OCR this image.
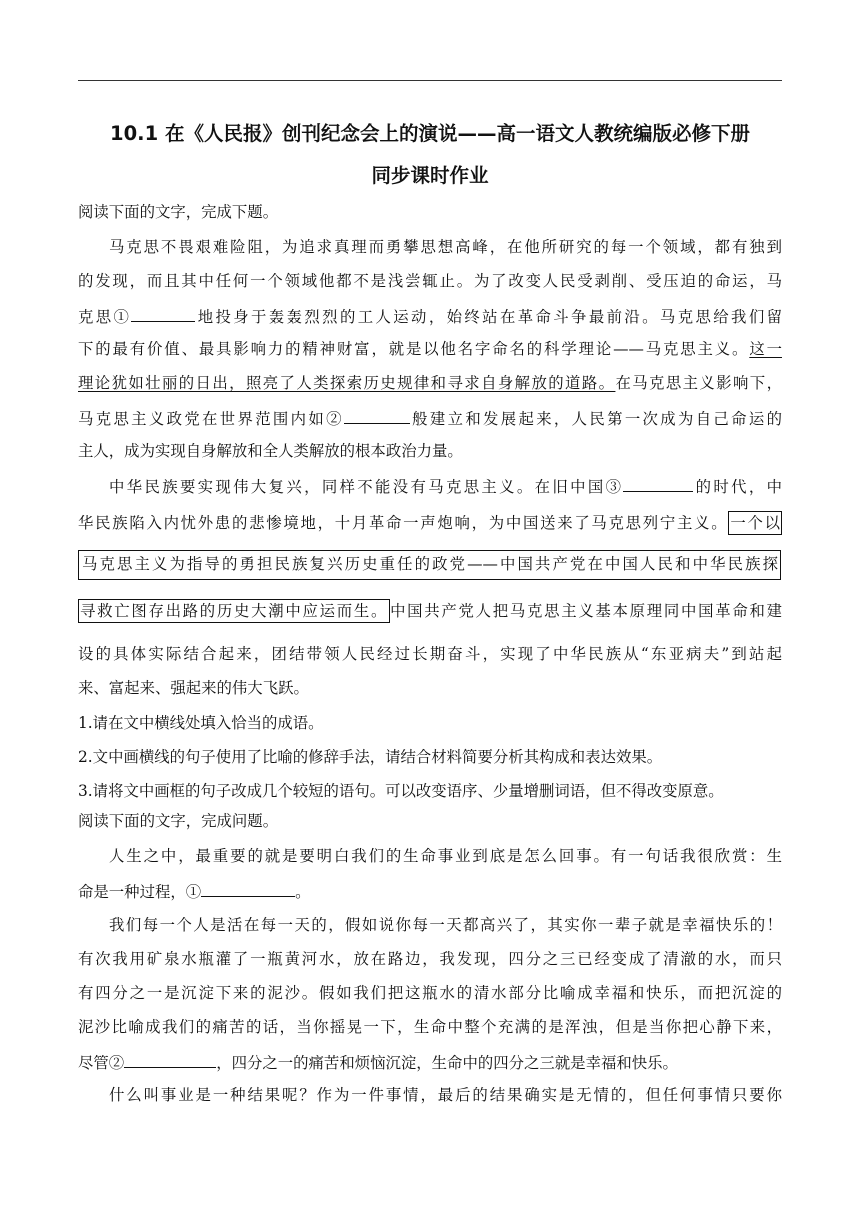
10.1 在《人民报》创刊纪念会上的演说——高一语文人教统编版必修下册
同步课时作业
阅读下面的文字，完成下题。
马克思不畏艰难险阻，为追求真理而勇攀思想高峰，在他所研究的每一个领域，都有独到
的发现，而且其中任何一个领域他都不是浅尝辄止。为了改变人民受剥削、受压迫的命运，马
克思①	地投身于轰轰烈烈的工人运动，始终站在革命斗争最前沿。马克思给我们留
下的最有价值、最具影响力的精神财富，就是以他名字命名的科学理论——马克思主义。这一
理论犹如壮丽的日出，照亮了人类探索历史规律和寻求自身解放的道路。在马克思主义影响下，
马克思主义政党在世界范围内如②	般建立和发展起来，人民第一次成为自己命运的
主人，成为实现自身解放和全人类解放的根本政治力量。
中华民族要实现伟大复兴，同样不能没有马克思主义。在旧中国③	的时代，中
华民族陷入内忧外患的悲惨境地，十月革命一声炮响，为中国送来了马克思列宁主义。 一个以
马克思主义为指导的勇担民族复兴历史重任的政党——中国共产党在中国人民和中华民族探
寻救亡图存出路的历史大潮中应运而生。 中国共产党人把马克思主义基本原理同中国革命和建
设的具体实际结合起来，团结带领人民经过长期奋斗，实现了中华民族从“东亚病夫”到站起
来、富起来、强起来的伟大飞跃。
1.请在文中横线处填入恰当的成语。
2.文中画横线的句子使用了比喻的修辞手法，请结合材料简要分析其构成和表达效果。
3.请将文中画框的句子改成几个较短的语句。可以改变语序、少量增删词语，但不得改变原意。
阅读下面的文字，完成问题。
人生之中，最重要的就是要明白我们的生命事业到底是怎么回事。有一句话我很欣赏：生
命是一种过程，①	。
我们每一个人是活在每一天的，假如说你每一天都高兴了，其实你一辈子就是幸福快乐的！
有次我用矿泉水瓶灌了一瓶黄河水，放在路边，我发现，四分之三已经变成了清澈的水，而只
有四分之一是沉淀下来的泥沙。假如我们把这瓶水的清水部分比喻成幸福和快乐，而把沉淀的
泥沙比喻成我们的痛苦的话，当你摇晃一下，生命中整个充满的是浑浊，但是当你把心静下来，
尽管②	，四分之一的痛苦和烦恼沉淀，生命中的四分之三就是幸福和快乐。
什么叫事业是一种结果呢？作为一件事情，最后的结果确实是无情的，但任何事情只要你
